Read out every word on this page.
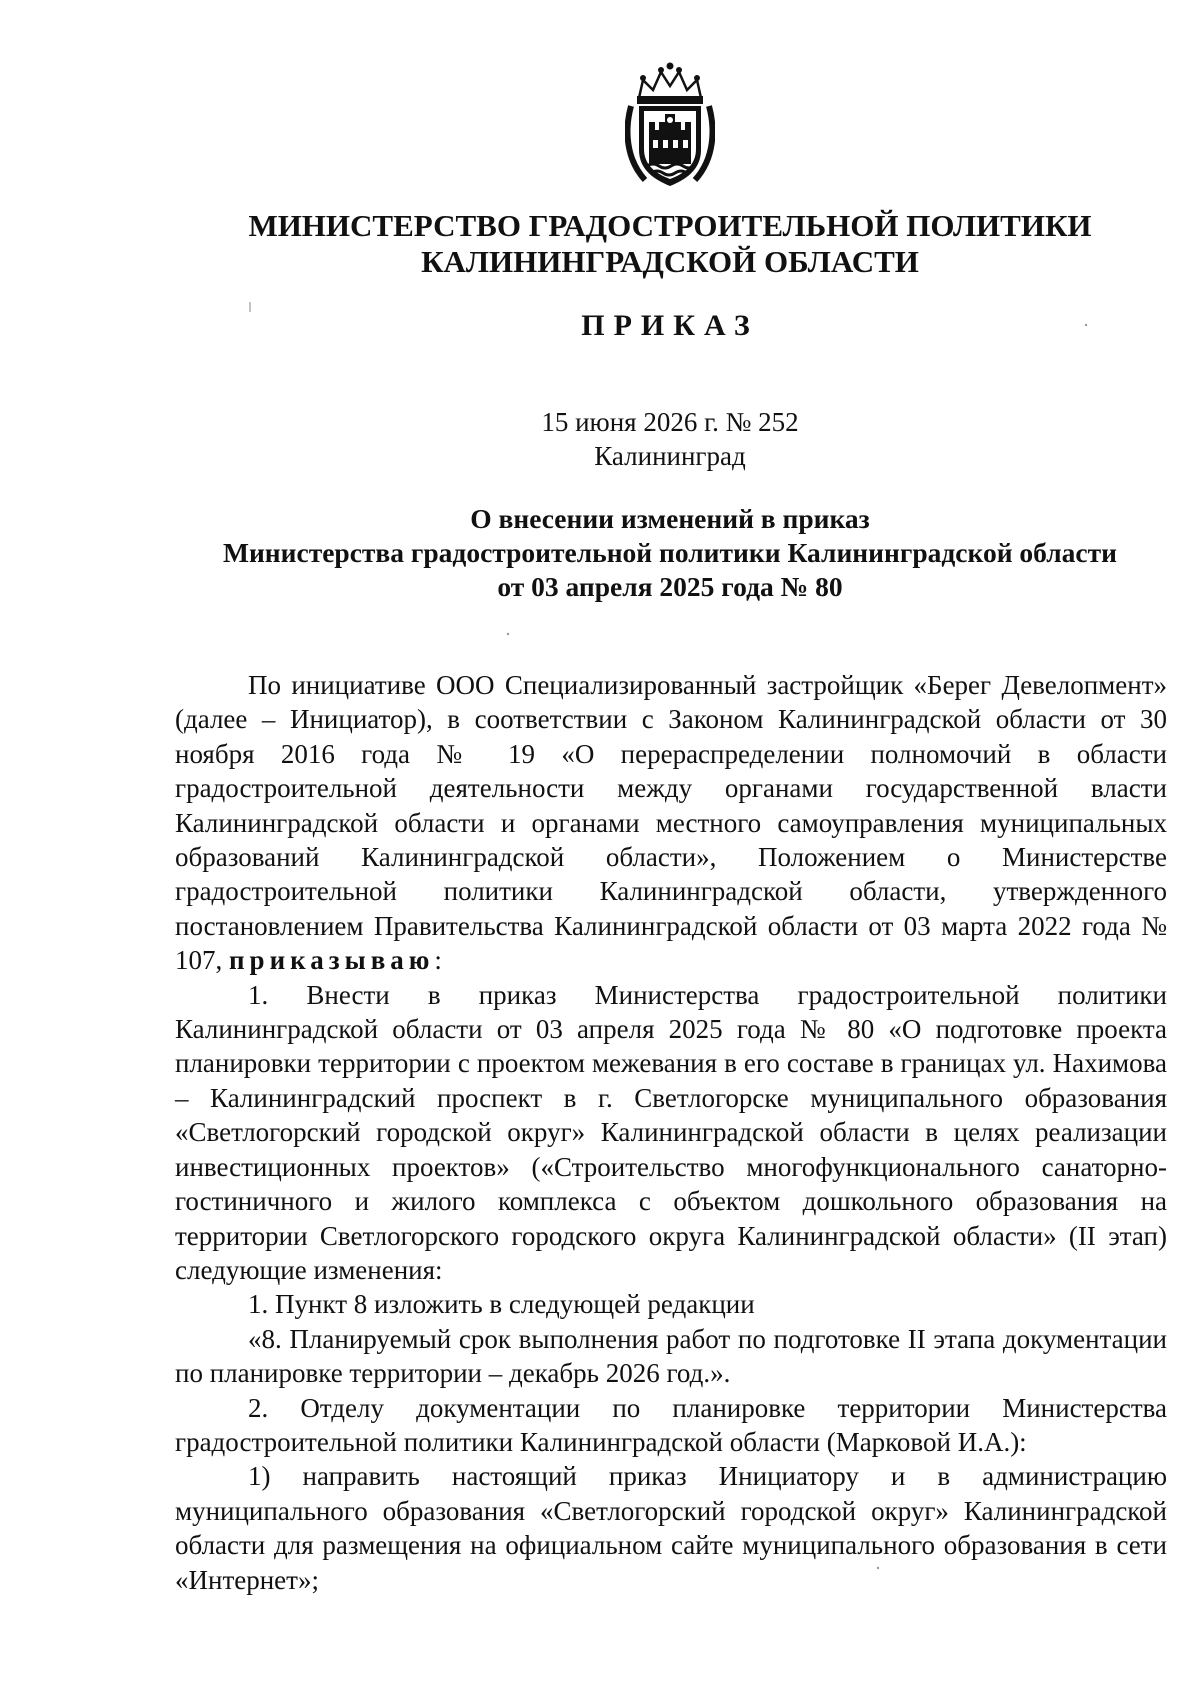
МИНИСТЕРСТВО ГРАДОСТРОИТЕЛЬНОЙ ПОЛИТИКИ
КАЛИНИНГРАДСКОЙ ОБЛАСТИ
ПРИКАЗ
15 июня 2026 г. № 252
Калининград
О внесении изменений в приказ
Министерства градостроительной политики Калининградской области
от 03 апреля 2025 года № 80

По инициативе ООО Специализированный застройщик «Берег Девелопмент» (далее – Инициатор), в соответствии с Законом Калининградской области от 30 ноября 2016 года № 19 «О перераспределении полномочий в области градостроительной деятельности между органами государственной власти Калининградской области и органами местного самоуправления муниципальных образований Калининградской области», Положением о Министерстве градостроительной политики Калининградской области, утвержденного постановлением Правительства Калининградской области от 03 марта 2022 года № 107, приказываю:

1. Внести в приказ Министерства градостроительной политики Калининградской области от 03 апреля 2025 года № 80 «О подготовке проекта планировки территории с проектом межевания в его составе в границах ул. Нахимова – Калининградский проспект в г. Светлогорске муниципального образования «Светлогорский городской округ» Калининградской области в целях реализации инвестиционных проектов» («Строительство многофункционального санаторно-гостиничного и жилого комплекса с объектом дошкольного образования на территории Светлогорского городского округа Калининградской области» (II этап) следующие изменения:

1. Пункт 8 изложить в следующей редакции

«8. Планируемый срок выполнения работ по подготовке II этапа документации по планировке территории – декабрь 2026 год.».

2. Отделу документации по планировке территории Министерства градостроительной политики Калининградской области (Марковой И.А.):

1) направить настоящий приказ Инициатору и в администрацию муниципального образования «Светлогорский городской округ» Калининградской области для размещения на официальном сайте муниципального образования в сети «Интернет»;
